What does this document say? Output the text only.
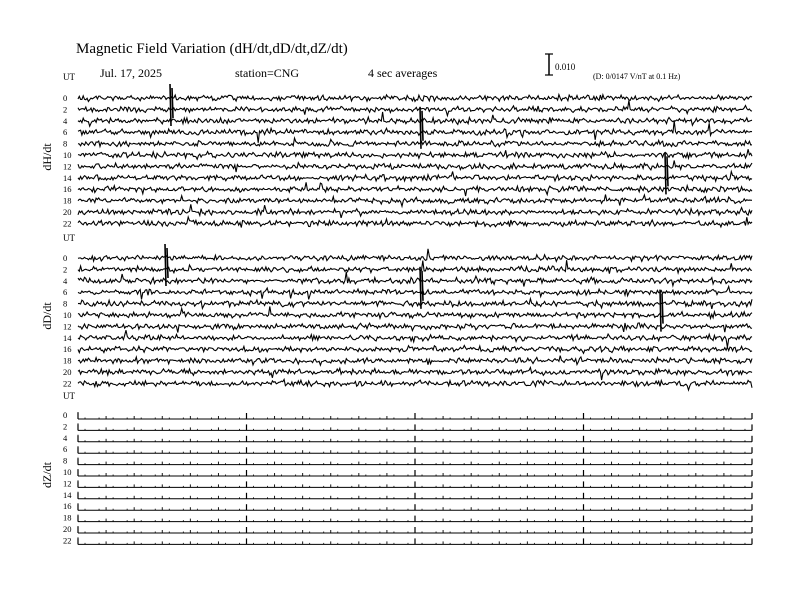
Magnetic Field Variation (dH/dt,dD/dt,dZ/dt)
Jul. 17, 2025	station=CNG	4 sec averages	0.010
(D: 0/0147 V/nT at 0.1 Hz)
UT
dH/dt
0
2
4
6
8
10
12
14
16
18
20
22
UT
dD/dt
0
2
4
6
8
10
12
14
16
18
20
22
UT
dZ/dt
0
2
4
6
8
10
12
14
16
18
20
22
